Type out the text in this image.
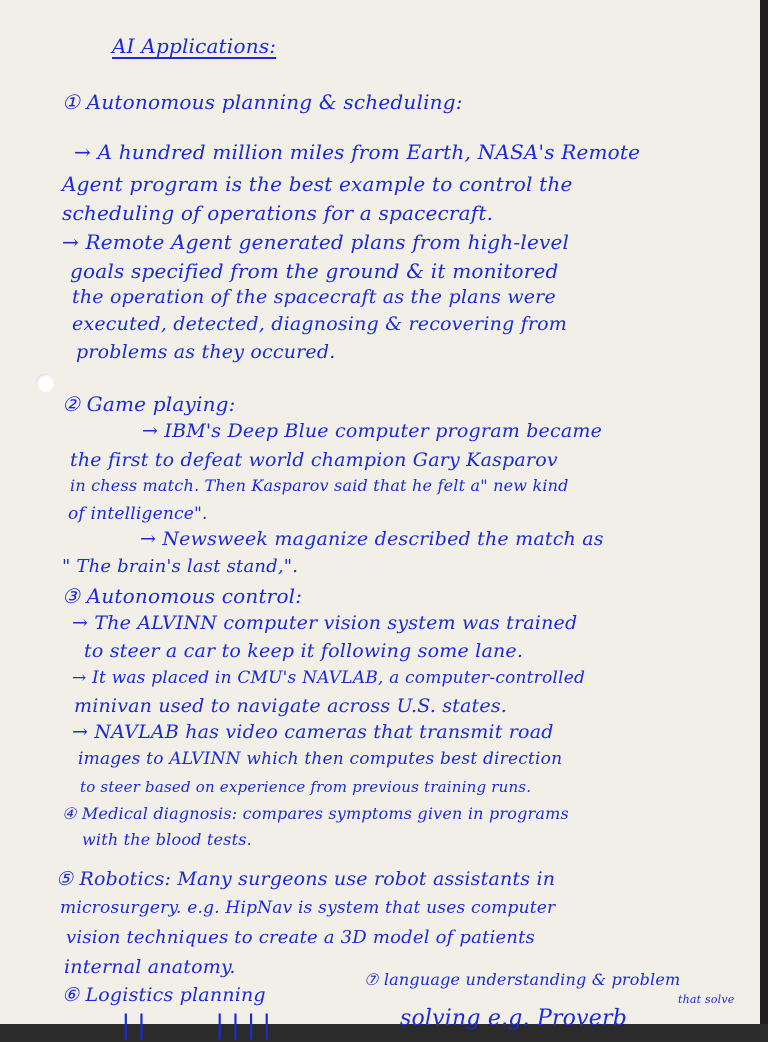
AI Applications:
① Autonomous planning & scheduling:
→ A hundred million miles from Earth, NASA's Remote
Agent program is the best example to control the
scheduling of operations for a spacecraft.
→ Remote Agent generated plans from high-level
goals specified from the ground & it monitored
the operation of the spacecraft as the plans were
executed, detected, diagnosing & recovering from
problems as they occured.
② Game playing:
→ IBM's Deep Blue computer program became
the first to defeat world champion Gary Kasparov
in chess match. Then Kasparov said that he felt a" new kind
of intelligence".
→ Newsweek maganize described the match as
" The brain's last stand,".
③ Autonomous control:
→ The ALVINN computer vision system was trained
to steer a car to keep it following some lane.
→ It was placed in CMU's NAVLAB, a computer-controlled
minivan used to navigate across U.S. states.
→ NAVLAB has video cameras that transmit road
images to ALVINN which then computes best direction
to steer based on experience from previous training runs.
④ Medical diagnosis: compares symptoms given in programs
with the blood tests.
⑤ Robotics: Many surgeons use robot assistants in
microsurgery. e.g. HipNav is system that uses computer
vision techniques to create a 3D model of patients
internal anatomy.
⑥ Logistics planning
⑦ language understanding & problem
that solve
solving e.g. Proverb
||    ||||
